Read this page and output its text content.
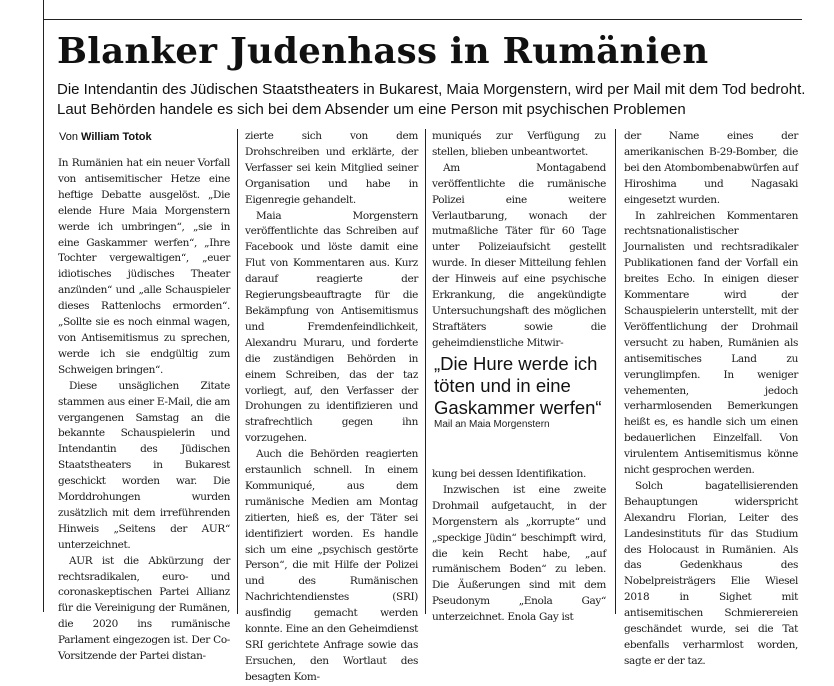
Blanker Judenhass in Rumänien

Die Intendantin des Jüdischen Staatstheaters in Bukarest, Maia Morgenstern, wird per Mail mit dem Tod bedroht. Laut Behörden handele es sich bei dem Absender um eine Person mit psychischen Problemen

Von William Totok

In Rumänien hat ein neuer Vorfall von antisemitischer Hetze eine heftige Debatte ausgelöst. „Die elende Hure Maia Morgenstern werde ich umbringen“, „sie in eine Gaskammer werfen“, „Ihre Tochter vergewaltigen“, „euer idiotisches jüdisches Theater anzünden“ und „alle Schauspieler dieses Rattenlochs ermorden“. „Sollte sie es noch einmal wagen, von Antisemitismus zu sprechen, werde ich sie endgültig zum Schweigen bringen“.

Diese unsäglichen Zitate stammen aus einer E-Mail, die am vergangenen Samstag an die bekannte Schauspielerin und Intendantin des Jüdischen Staatstheaters in Bukarest geschickt worden war. Die Morddrohungen wurden zusätzlich mit dem irreführenden Hinweis „Seitens der AUR“ unterzeichnet.

AUR ist die Abkürzung der rechtsradikalen, euro- und coronaskeptischen Partei Allianz für die Vereinigung der Rumänen, die 2020 ins rumänische Parlament eingezogen ist. Der Co-Vorsitzende der Partei distan-

zierte sich von dem Drohschreiben und erklärte, der Verfasser sei kein Mitglied seiner Organisation und habe in Eigenregie gehandelt.

Maia Morgenstern veröffentlichte das Schreiben auf Facebook und löste damit eine Flut von Kommentaren aus. Kurz darauf reagierte der Regierungsbeauftragte für die Bekämpfung von Antisemitismus und Fremdenfeindlichkeit, Alexandru Muraru, und forderte die zuständigen Behörden in einem Schreiben, das der taz vorliegt, auf, den Verfasser der Drohungen zu identifizieren und strafrechtlich gegen ihn vorzugehen.

Auch die Behörden reagierten erstaunlich schnell. In einem Kommuniqué, aus dem rumänische Medien am Montag zitierten, hieß es, der Täter sei identifiziert worden. Es handle sich um eine „psychisch gestörte Person“, die mit Hilfe der Polizei und des Rumänischen Nachrichtendienstes (SRI) ausfindig gemacht werden konnte. Eine an den Geheimdienst SRI gerichtete Anfrage sowie das Ersuchen, den Wortlaut des besagten Kom-

muniqués zur Verfügung zu stellen, blieben unbeantwortet.

Am Montagabend veröffentlichte die rumänische Polizei eine weitere Verlautbarung, wonach der mutmaßliche Täter für 60 Tage unter Polizeiaufsicht gestellt wurde. In dieser Mitteilung fehlen der Hinweis auf eine psychische Erkrankung, die angekündigte Untersuchungshaft des möglichen Straftäters sowie die geheimdienstliche Mitwir-

„Die Hure werde ich töten und in eine Gaskammer werfen“

Mail an Maia Morgenstern

kung bei dessen Identifikation.

Inzwischen ist eine zweite Drohmail aufgetaucht, in der Morgenstern als „korrupte“ und „speckige Jüdin“ beschimpft wird, die kein Recht habe, „auf rumänischem Boden“ zu leben. Die Äußerungen sind mit dem Pseudonym „Enola Gay“ unterzeichnet. Enola Gay ist

der Name eines der amerikanischen B-29-Bomber, die bei den Atombombenabwürfen auf Hiroshima und Nagasaki eingesetzt wurden.

In zahlreichen Kommentaren rechtsnationalistischer Journalisten und rechtsradikaler Publikationen fand der Vorfall ein breites Echo. In einigen dieser Kommentare wird der Schauspielerin unterstellt, mit der Veröffentlichung der Drohmail versucht zu haben, Rumänien als antisemitisches Land zu verunglimpfen. In weniger vehementen, jedoch verharmlosenden Bemerkungen heißt es, es handle sich um einen bedauerlichen Einzelfall. Von virulentem Antisemitismus könne nicht gesprochen werden.

Solch bagatellisierenden Behauptungen widerspricht Alexandru Florian, Leiter des Landesinstituts für das Studium des Holocaust in Rumänien. Als das Gedenkhaus des Nobelpreisträgers Elie Wiesel 2018 in Sighet mit antisemitischen Schmierereien geschändet wurde, sei die Tat ebenfalls verharmlost worden, sagte er der taz.
